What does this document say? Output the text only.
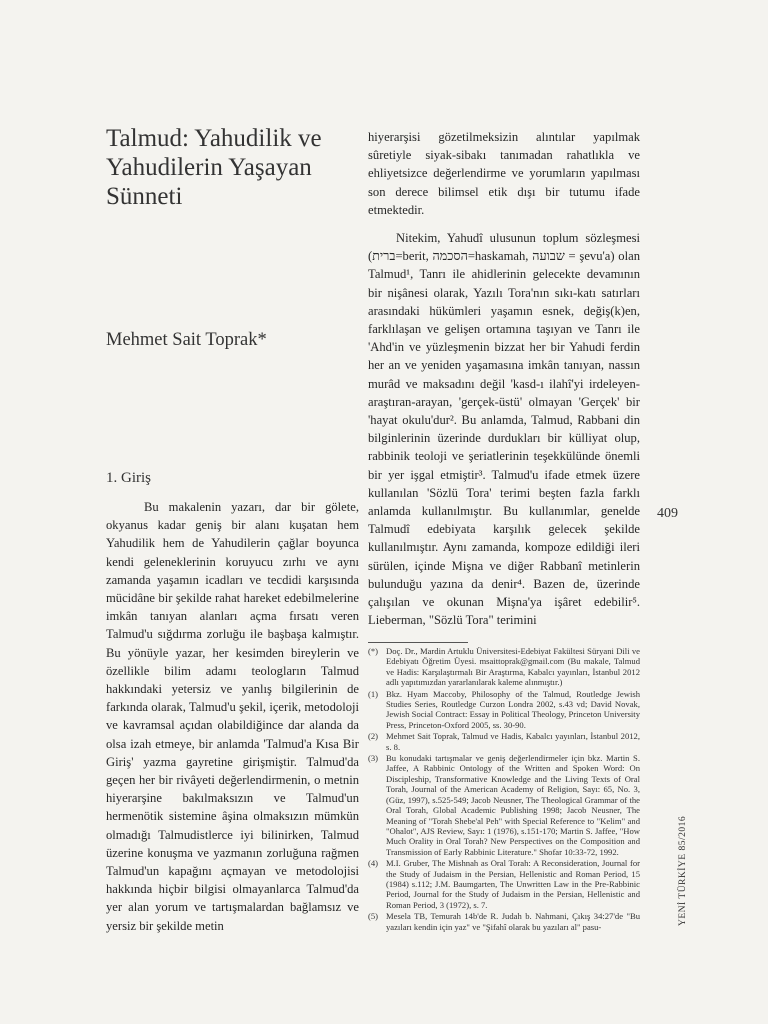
Talmud: Yahudilik ve Yahudilerin Yaşayan Sünneti
Mehmet Sait Toprak*
1. Giriş

Bu makalenin yazarı, dar bir gölete, okyanus kadar geniş bir alanı kuşatan hem Yahudilik hem de Yahudilerin çağlar boyunca kendi geleneklerinin koruyucu zırhı ve aynı zamanda yaşamın icadları ve tecdidi karşısında mücidâne bir şekilde rahat hareket edebilmelerine imkân tanıyan alanları açma fırsatı veren Talmud'u sığdırma zorluğu ile başbaşa kalmıştır. Bu yönüyle yazar, her kesimden bireylerin ve özellikle bilim adamı teologların Talmud hakkındaki yetersiz ve yanlış bilgilerinin de farkında olarak, Talmud'u şekil, içerik, metodoloji ve kavramsal açıdan olabildiğince dar alanda da olsa izah etmeye, bir anlamda 'Talmud'a Kısa Bir Giriş' yazma gayretine girişmiştir. Talmud'da geçen her bir rivâyeti değerlendirmenin, o metnin hiyerarşine bakılmaksızın ve Talmud'un hermenötik sistemine âşina olmaksızın mümkün olmadığı Talmudistlerce iyi bilinirken, Talmud üzerine konuşma ve yazmanın zorluğuna rağmen Talmud'un kapağını açmayan ve metodolojisi hakkında hiçbir bilgisi olmayanlarca Talmud'da yer alan yorum ve tartışmalardan bağlamsız ve yersiz bir şekilde metin

hiyerarşisi gözetilmeksizin alıntılar yapılmak sûretiyle siyak-sibakı tanımadan rahatlıkla ve ehliyetsizce değerlendirme ve yorumların yapılması son derece bilimsel etik dışı bir tutumu ifade etmektedir.

Nitekim, Yahudî ulusunun toplum sözleşmesi (ברית=berit, הסכמה=haskamah, שבועה = şevu'a) olan Talmud¹, Tanrı ile ahidlerinin gelecekte devamının bir nişânesi olarak, Yazılı Tora'nın sıkı-katı satırları arasındaki hükümleri yaşamın esnek, değiş(k)en, farklılaşan ve gelişen ortamına taşıyan ve Tanrı ile 'Ahd'in ve yüzleşmenin bizzat her bir Yahudi ferdin her an ve yeniden yaşamasına imkân tanıyan, nassın murâd ve maksadını değil 'kasd-ı ilahî'yi irdeleyen-araştıran-arayan, 'gerçek-üstü' olmayan 'Gerçek' bir 'hayat okulu'dur². Bu anlamda, Talmud, Rabbani din bilginlerinin üzerinde durdukları bir külliyat olup, rabbinik teoloji ve şeriatlerinin teşekkülünde önemli bir yer işgal etmiştir³. Talmud'u ifade etmek üzere kullanılan 'Sözlü Tora' terimi beşten fazla farklı anlamda kullanılmıştır. Bu kullanımlar, genelde Talmudî edebiyata karşılık gelecek şekilde kullanılmıştır. Aynı zamanda, kompoze edildiği ileri sürülen, içinde Mişna ve diğer Rabbanî metinlerin bulunduğu yazına da denir⁴. Bazen de, üzerinde çalışılan ve okunan Mişna'ya işâret edebilir⁵. Lieberman, "Sözlü Tora" terimini

(*) Doç. Dr., Mardin Artuklu Üniversitesi-Edebiyat Fakültesi Süryani Dili ve Edebiyatı Öğretim Üyesi. msaittoprak@gmail.com (Bu makale, Talmud ve Hadis: Karşılaştırmalı Bir Araştırma, Kabalcı yayınları, İstanbul 2012 adlı yapıtımızdan yararlanılarak kaleme alınmıştır.)
(1) Bkz. Hyam Maccoby, Philosophy of the Talmud, Routledge Jewish Studies Series, Routledge Curzon Londra 2002, s.43 vd; David Novak, Jewish Social Contract: Essay in Political Theology, Princeton University Press, Princeton-Oxford 2005, ss. 30-90.
(2) Mehmet Sait Toprak, Talmud ve Hadis, Kabalcı yayınları, İstanbul 2012, s. 8.
(3) Bu konudaki tartışmalar ve geniş değerlendirmeler için bkz. Martin S. Jaffee, A Rabbinic Ontology of the Written and Spoken Word: On Discipleship, Transformative Knowledge and the Living Texts of Oral Torah, Journal of the American Academy of Religion, Sayı: 65, No. 3, (Güz, 1997), s.525-549; Jacob Neusner, The Theological Grammar of the Oral Torah, Global Academic Publishing 1998; Jacob Neusner, The Meaning of "Torah Shebe'al Peh" with Special Reference to "Kelim" and "Ohalot", AJS Review, Sayı: 1 (1976), s.151-170; Martin S. Jaffee, "How Much Orality in Oral Torah? New Perspectives on the Composition and Transmission of Early Rabbinic Literature." Shofar 10:33-72, 1992.
(4) M.I. Gruber, The Mishnah as Oral Torah: A Reconsideration, Journal for the Study of Judaism in the Persian, Hellenistic and Roman Period, 15 (1984) s.112; J.M. Baumgarten, The Unwritten Law in the Pre-Rabbinic Period, Journal for the Study of Judaism in the Persian, Hellenistic and Roman Period, 3 (1972), s. 7.
(5) Mesela TB, Temurah 14b'de R. Judah b. Nahmani, Çıkış 34:27'de "Bu yazıları kendin için yaz" ve "Şifahî olarak bu yazıları al" pasu-
409
YENİ TÜRKİYE 85/2016
